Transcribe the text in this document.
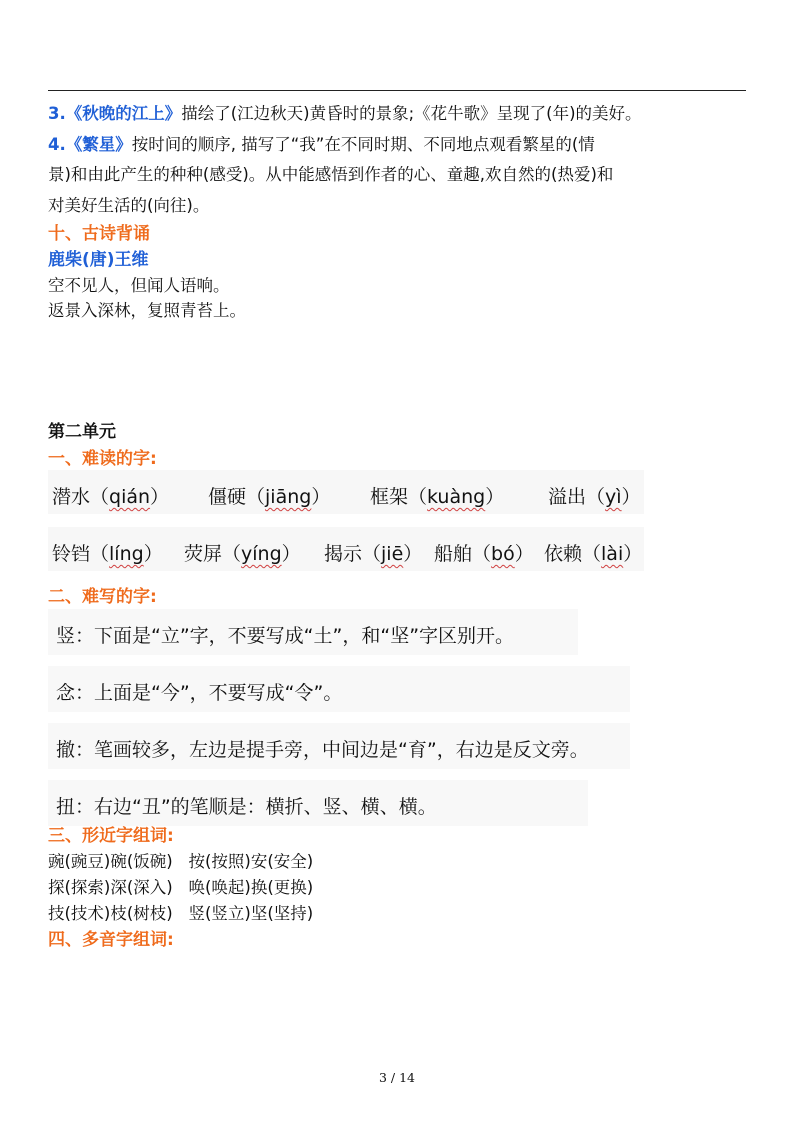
3.《秋晚的江上》描绘了(江边秋天)黄昏时的景象;《花牛歌》呈现了(年)的美好。
4.《繁星》按时间的顺序, 描写了“我”在不同时期、不同地点观看繁星的(情
景)和由此产生的种种(感受)。从中能感悟到作者的心、童趣,欢自然的(热爱)和
对美好生活的(向往)。
十、古诗背诵
鹿柴(唐)王维
空不见人，但闻人语响。
返景入深林，复照青苔上。
第二单元
一、难读的字:
潜水（qián） 僵硬（jiāng） 框架（kuàng） 溢出（yì）
铃铛（líng） 荧屏（yíng） 揭示（jiē） 船舶（bó） 依赖（lài）
二、难写的字:
竖：下面是“立”字，不要写成“土”，和“坚”字区别开。
念：上面是“今”，不要写成“令”。
撤：笔画较多，左边是提手旁，中间边是“育”，右边是反文旁。
扭：右边“丑”的笔顺是：横折、竖、横、横。
三、形近字组词:
豌(豌豆)碗(饭碗)   按(按照)安(安全)
探(探索)深(深入)   唤(唤起)换(更换)
技(技术)枝(树枝)   竖(竖立)坚(坚持)
四、多音字组词:
3 / 14
